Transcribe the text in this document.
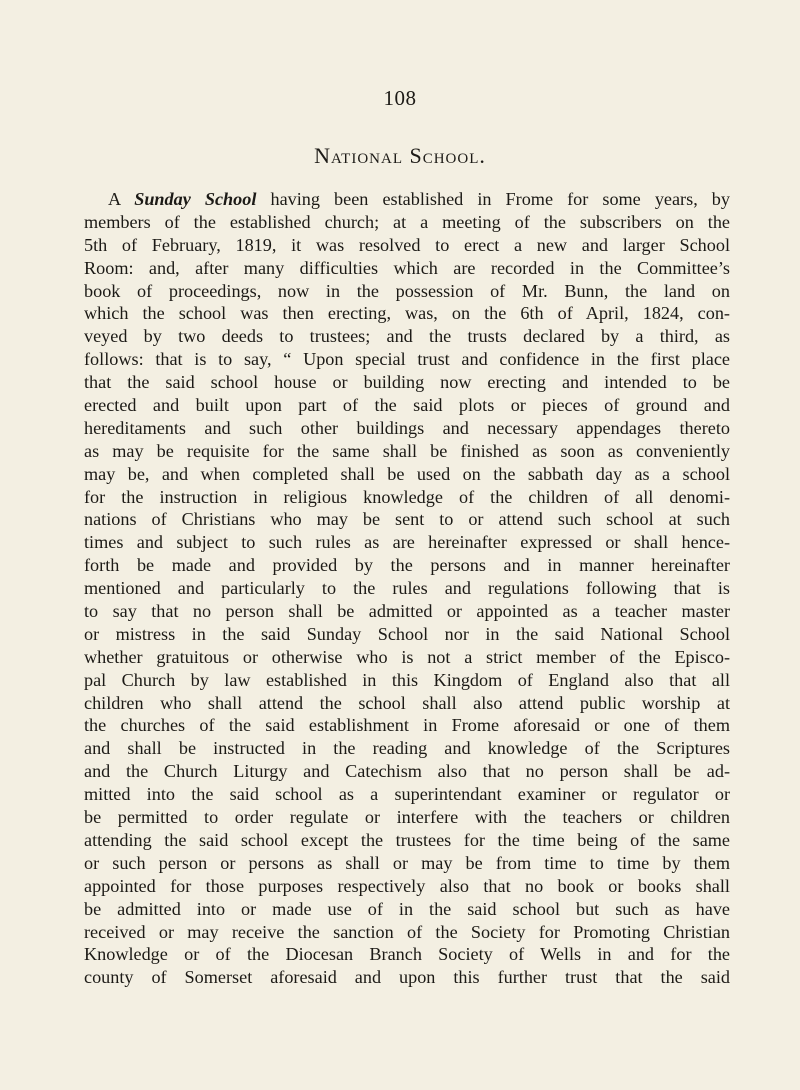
108
National School.
A Sunday School having been established in Frome for some years, by
members of the established church; at a meeting of the subscribers on the
5th of February, 1819, it was resolved to erect a new and larger School
Room: and, after many difficulties which are recorded in the Committee’s
book of proceedings, now in the possession of Mr. Bunn, the land on
which the school was then erecting, was, on the 6th of April, 1824, con-
veyed by two deeds to trustees; and the trusts declared by a third, as
follows: that is to say, “ Upon special trust and confidence in the first place
that the said school house or building now erecting and intended to be
erected and built upon part of the said plots or pieces of ground and
hereditaments and such other buildings and necessary appendages thereto
as may be requisite for the same shall be finished as soon as conveniently
may be, and when completed shall be used on the sabbath day as a school
for the instruction in religious knowledge of the children of all denomi-
nations of Christians who may be sent to or attend such school at such
times and subject to such rules as are hereinafter expressed or shall hence-
forth be made and provided by the persons and in manner hereinafter
mentioned and particularly to the rules and regulations following that is
to say that no person shall be admitted or appointed as a teacher master
or mistress in the said Sunday School nor in the said National School
whether gratuitous or otherwise who is not a strict member of the Episco-
pal Church by law established in this Kingdom of England also that all
children who shall attend the school shall also attend public worship at
the churches of the said establishment in Frome aforesaid or one of them
and shall be instructed in the reading and knowledge of the Scriptures
and the Church Liturgy and Catechism also that no person shall be ad-
mitted into the said school as a superintendant examiner or regulator or
be permitted to order regulate or interfere with the teachers or children
attending the said school except the trustees for the time being of the same
or such person or persons as shall or may be from time to time by them
appointed for those purposes respectively also that no book or books shall
be admitted into or made use of in the said school but such as have
received or may receive the sanction of the Society for Promoting Christian
Knowledge or of the Diocesan Branch Society of Wells in and for the
county of Somerset aforesaid and upon this further trust that the said
